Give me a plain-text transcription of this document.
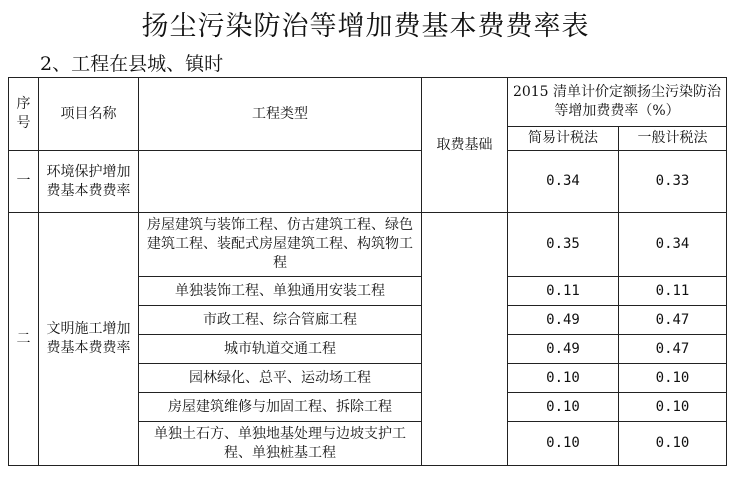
扬尘污染防治等增加费基本费费率表
2、工程在县城、镇时
序号	项目名称	工程类型	取费基础	2015 清单计价定额扬尘污染防治等增加费费率（%）	
				简易计税法	一般计税法
一	环境保护增加费基本费费率			0.34	0.33
二	文明施工增加费基本费费率	房屋建筑与装饰工程、仿古建筑工程、绿色建筑工程、装配式房屋建筑工程、构筑物工程		0.35	0.34
		单独装饰工程、单独通用安装工程		0.11	0.11
		市政工程、综合管廊工程		0.49	0.47
		城市轨道交通工程		0.49	0.47
		园林绿化、总平、运动场工程		0.10	0.10
		房屋建筑维修与加固工程、拆除工程		0.10	0.10
		单独土石方、单独地基处理与边坡支护工程、单独桩基工程		0.10	0.10
